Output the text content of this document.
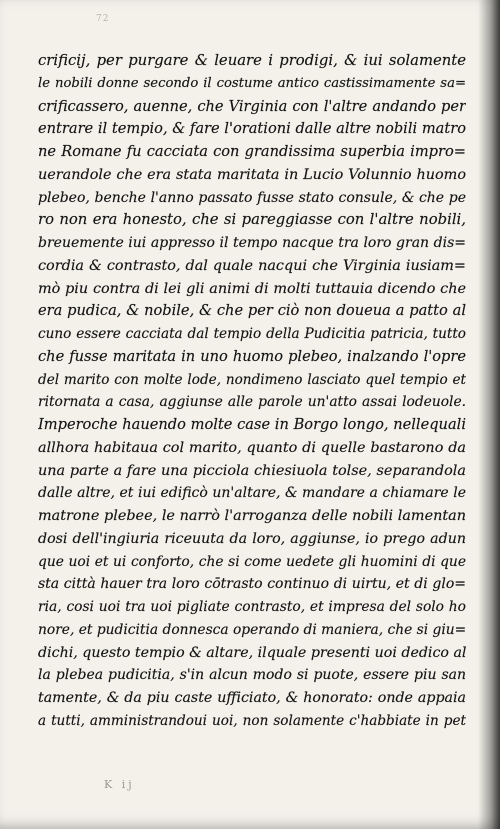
72
crificij, per purgare & leuare i prodigi, & iui solamente
le nobili donne secondo il costume antico castissimamente sa=
crificassero, auenne, che Virginia con l'altre andando per
entrare il tempio, & fare l'orationi dalle altre nobili matro
ne Romane fu cacciata con grandissima superbia impro=
uerandole che era stata maritata in Lucio Volunnio huomo
plebeo, benche l'anno passato fusse stato consule, & che pe
ro non era honesto, che si pareggiasse con l'altre nobili,
breuemente iui appresso il tempo nacque tra loro gran dis=
cordia & contrasto, dal quale nacqui che Virginia iusiam=
mò piu contra di lei gli animi di molti tuttauia dicendo che
era pudica, & nobile, & che per ciò non doueua a patto al
cuno essere cacciata dal tempio della Pudicitia patricia, tutto
che fusse maritata in uno huomo plebeo, inalzando l'opre
del marito con molte lode, nondimeno lasciato quel tempio et
ritornata a casa, aggiunse alle parole un'atto assai lodeuole.
Imperoche hauendo molte case in Borgo longo, nellequali
allhora habitaua col marito, quanto di quelle bastarono da
una parte a fare una picciola chiesiuola tolse, separandola
dalle altre, et iui edificò un'altare, & mandare a chiamare le
matrone plebee, le narrò l'arroganza delle nobili lamentan
dosi dell'ingiuria riceuuta da loro, aggiunse, io prego adun
que uoi et ui conforto, che si come uedete gli huomini di que
sta città hauer tra loro cōtrasto continuo di uirtu, et di glo=
ria, cosi uoi tra uoi pigliate contrasto, et impresa del solo ho
nore, et pudicitia donnesca operando di maniera, che si giu=
dichi, questo tempio & altare, ilquale presenti uoi dedico al
la plebea pudicitia, s'in alcun modo si puote, essere piu san
tamente, & da piu caste ufficiato, & honorato: onde appaia
a tutti, amministrandoui uoi, non solamente c'habbiate in pet
K ij
